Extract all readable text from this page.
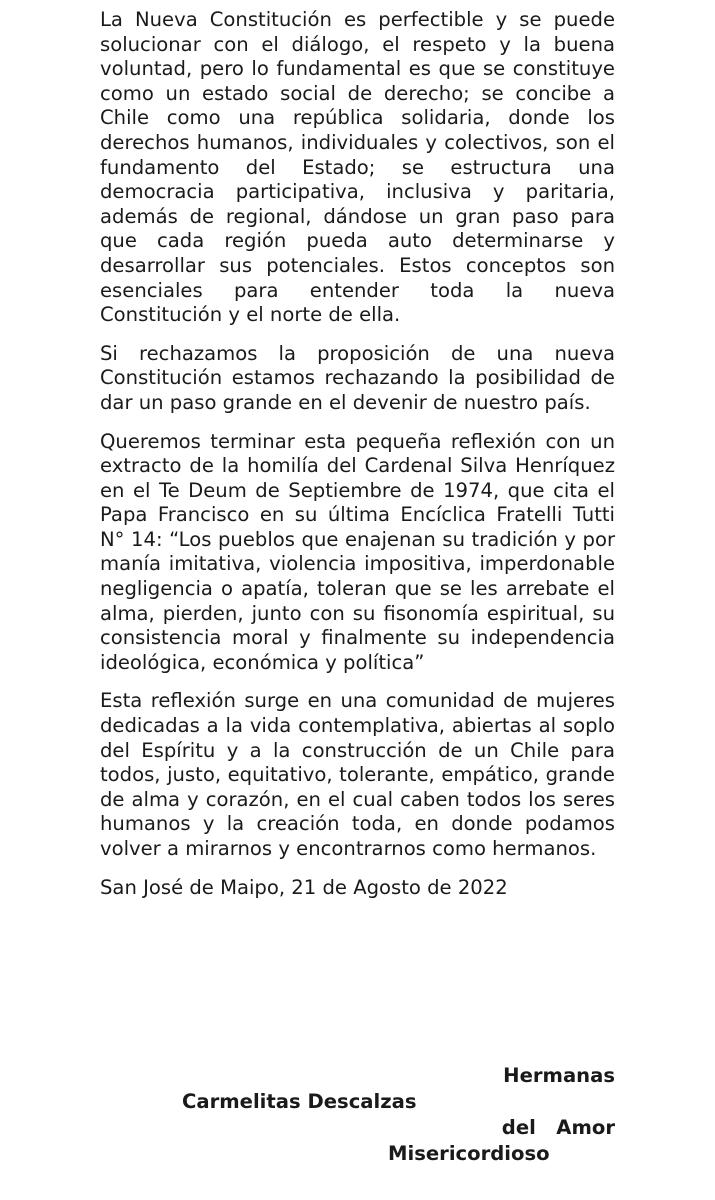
La Nueva Constitución es perfectible y se puede solucionar con el diálogo, el respeto y la buena voluntad, pero lo fundamental es que se constituye como un estado social de derecho; se concibe a Chile como una república solidaria, donde los derechos humanos, individuales y colectivos, son el fundamento del Estado; se estructura una democracia participativa, inclusiva y paritaria, además de regional, dándose un gran paso para que cada región pueda auto determinarse y desarrollar sus potenciales. Estos conceptos son esenciales para entender toda la nueva Constitución y el norte de ella.

Si rechazamos la proposición de una nueva Constitución estamos rechazando la posibilidad de dar un paso grande en el devenir de nuestro país.

Queremos terminar esta pequeña reflexión con un extracto de la homilía del Cardenal Silva Henríquez en el Te Deum de Septiembre de 1974, que cita el Papa Francisco en su última Encíclica Fratelli Tutti N° 14: “Los pueblos que enajenan su tradición y por manía imitativa, violencia impositiva, imperdonable negligencia o apatía, toleran que se les arrebate el alma, pierden, junto con su fisonomía espiritual, su consistencia moral y finalmente su independencia ideológica, económica y política”

Esta reflexión surge en una comunidad de mujeres dedicadas a la vida contemplativa, abiertas al soplo del Espíritu y a la construcción de un Chile para todos, justo, equitativo, tolerante, empático, grande de alma y corazón, en el cual caben todos los seres humanos y la creación toda, en donde podamos volver a mirarnos y encontrarnos como hermanos.

San José de Maipo, 21 de Agosto de 2022

Hermanas
Carmelitas Descalzas
del   Amor
Misericordioso
